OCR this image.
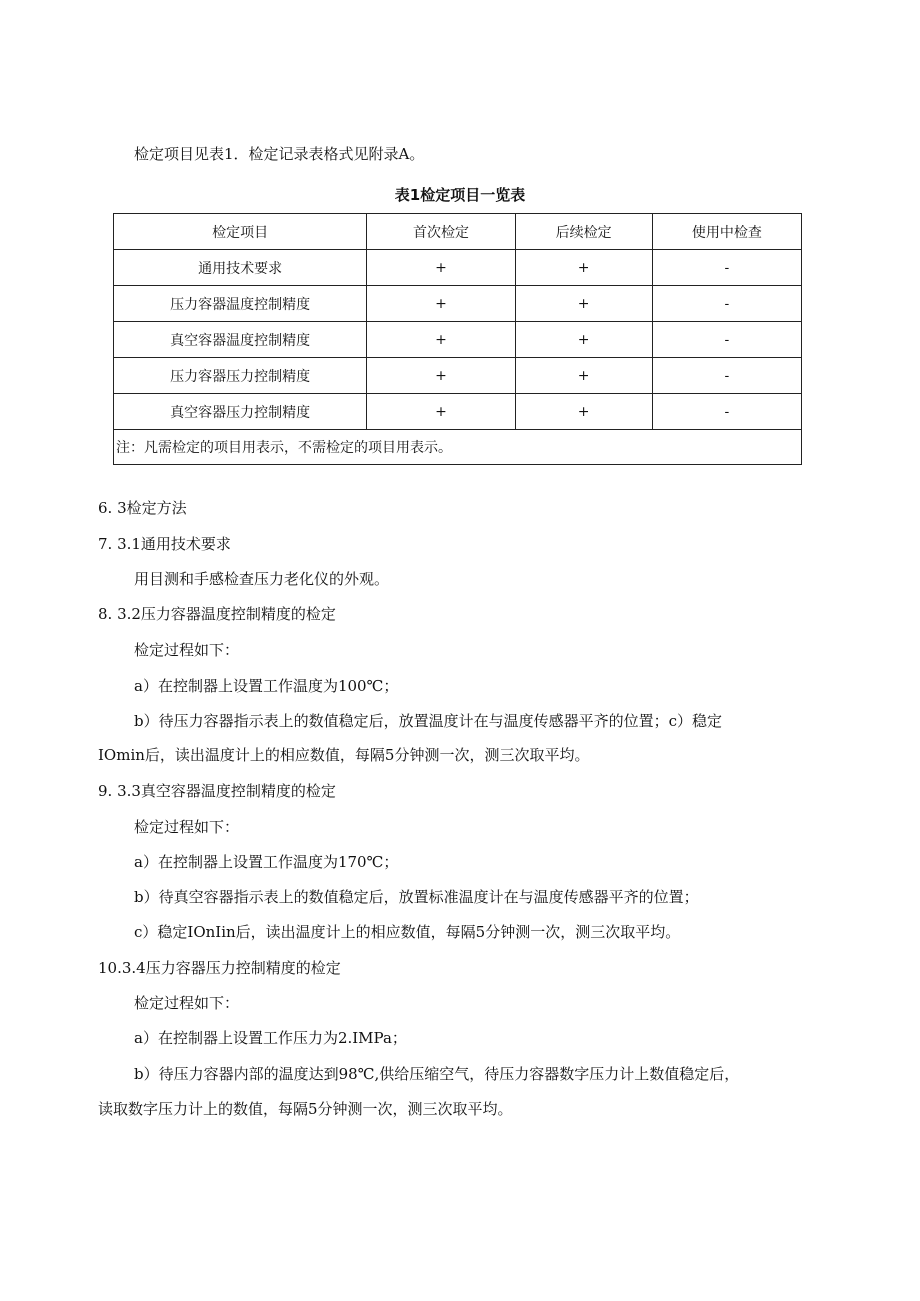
检定项目见表1．检定记录表格式见附录A。
表1检定项目一览表
检定项目	首次检定	后续检定	使用中检查
通用技术要求	+	+	-
压力容器温度控制精度	+	+	-
真空容器温度控制精度	+	+	-
压力容器压力控制精度	+	+	-
真空容器压力控制精度	+	+	-
注：凡需检定的项目用表示，不需检定的项目用表示。			
6. 3检定方法
7. 3.1通用技术要求
用目测和手感检查压力老化仪的外观。
8. 3.2压力容器温度控制精度的检定
检定过程如下：
a）在控制器上设置工作温度为100℃；
b）待压力容器指示表上的数值稳定后，放置温度计在与温度传感器平齐的位置；c）稳定
IOmin后，读出温度计上的相应数值，每隔5分钟测一次，测三次取平均。
9. 3.3真空容器温度控制精度的检定
检定过程如下：
a）在控制器上设置工作温度为170℃；
b）待真空容器指示表上的数值稳定后，放置标准温度计在与温度传感器平齐的位置；
c）稳定IOnIin后，读出温度计上的相应数值，每隔5分钟测一次，测三次取平均。
10.3.4压力容器压力控制精度的检定
检定过程如下：
a）在控制器上设置工作压力为2.IMPa；
b）待压力容器内部的温度达到98℃,供给压缩空气，待压力容器数字压力计上数值稳定后，
读取数字压力计上的数值，每隔5分钟测一次，测三次取平均。
